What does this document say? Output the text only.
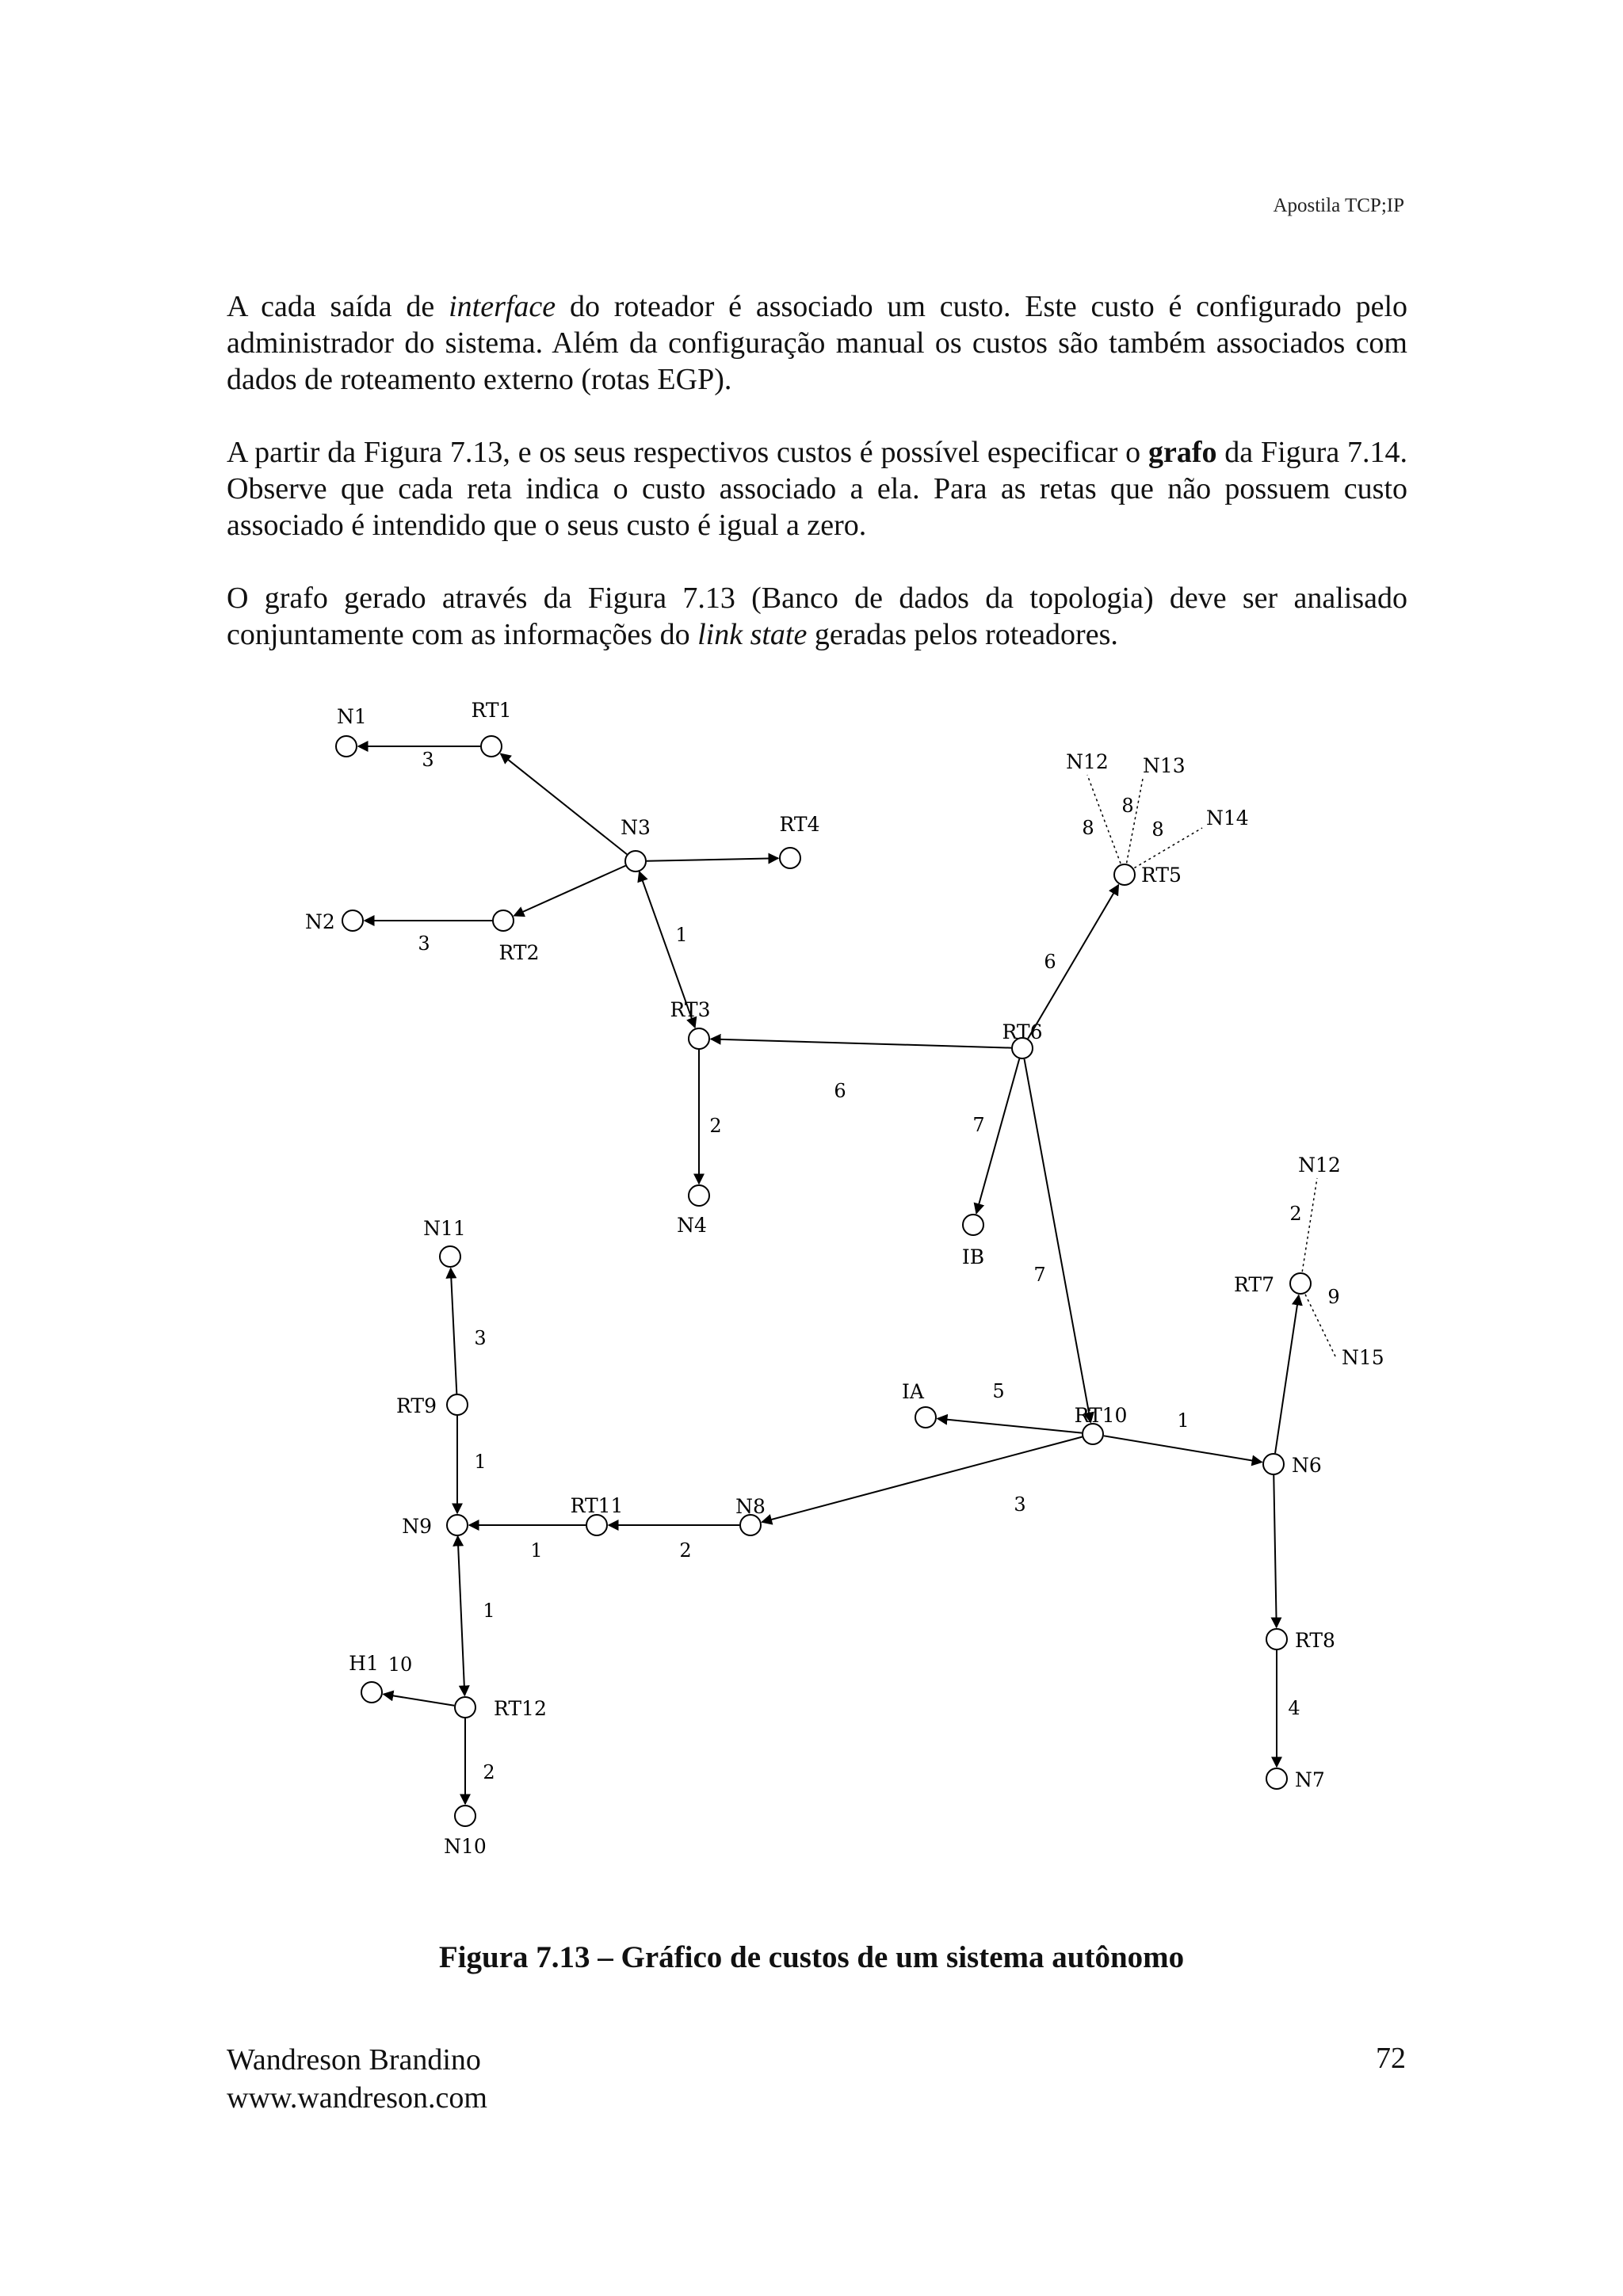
Apostila TCP;IP

A cada saída de interface do roteador é associado um custo. Este custo é configurado pelo administrador do sistema. Além da configuração manual os custos são também associados com dados de roteamento externo (rotas EGP).

A partir da Figura 7.13, e os seus respectivos custos é possível especificar o grafo da Figura 7.14. Observe que cada reta indica o custo associado a ela. Para as retas que não possuem custo associado é intendido que o seus custo é igual a zero.

O grafo gerado através da Figura 7.13 (Banco de dados da topologia) deve ser analisado conjuntamente com as informações do link state geradas pelos roteadores.

3
3	1
6
2
6
7
7
5
1
4
3
2
1
3
1
1
10
2
8
8
8
2
9
N1	RT1
N3	RT4
N2
RT2
RT3
N4
RT6
RT5
IB
RT10
IA
N6
RT7
RT8
N7
N8
RT11
N9
RT9
N11
RT12
H1
N10
N12 N13
N14
N12
N15
Figura 7.13 – Gráfico de custos de um sistema autônomo
Wandreson Brandino
www.wandreson.com
72
